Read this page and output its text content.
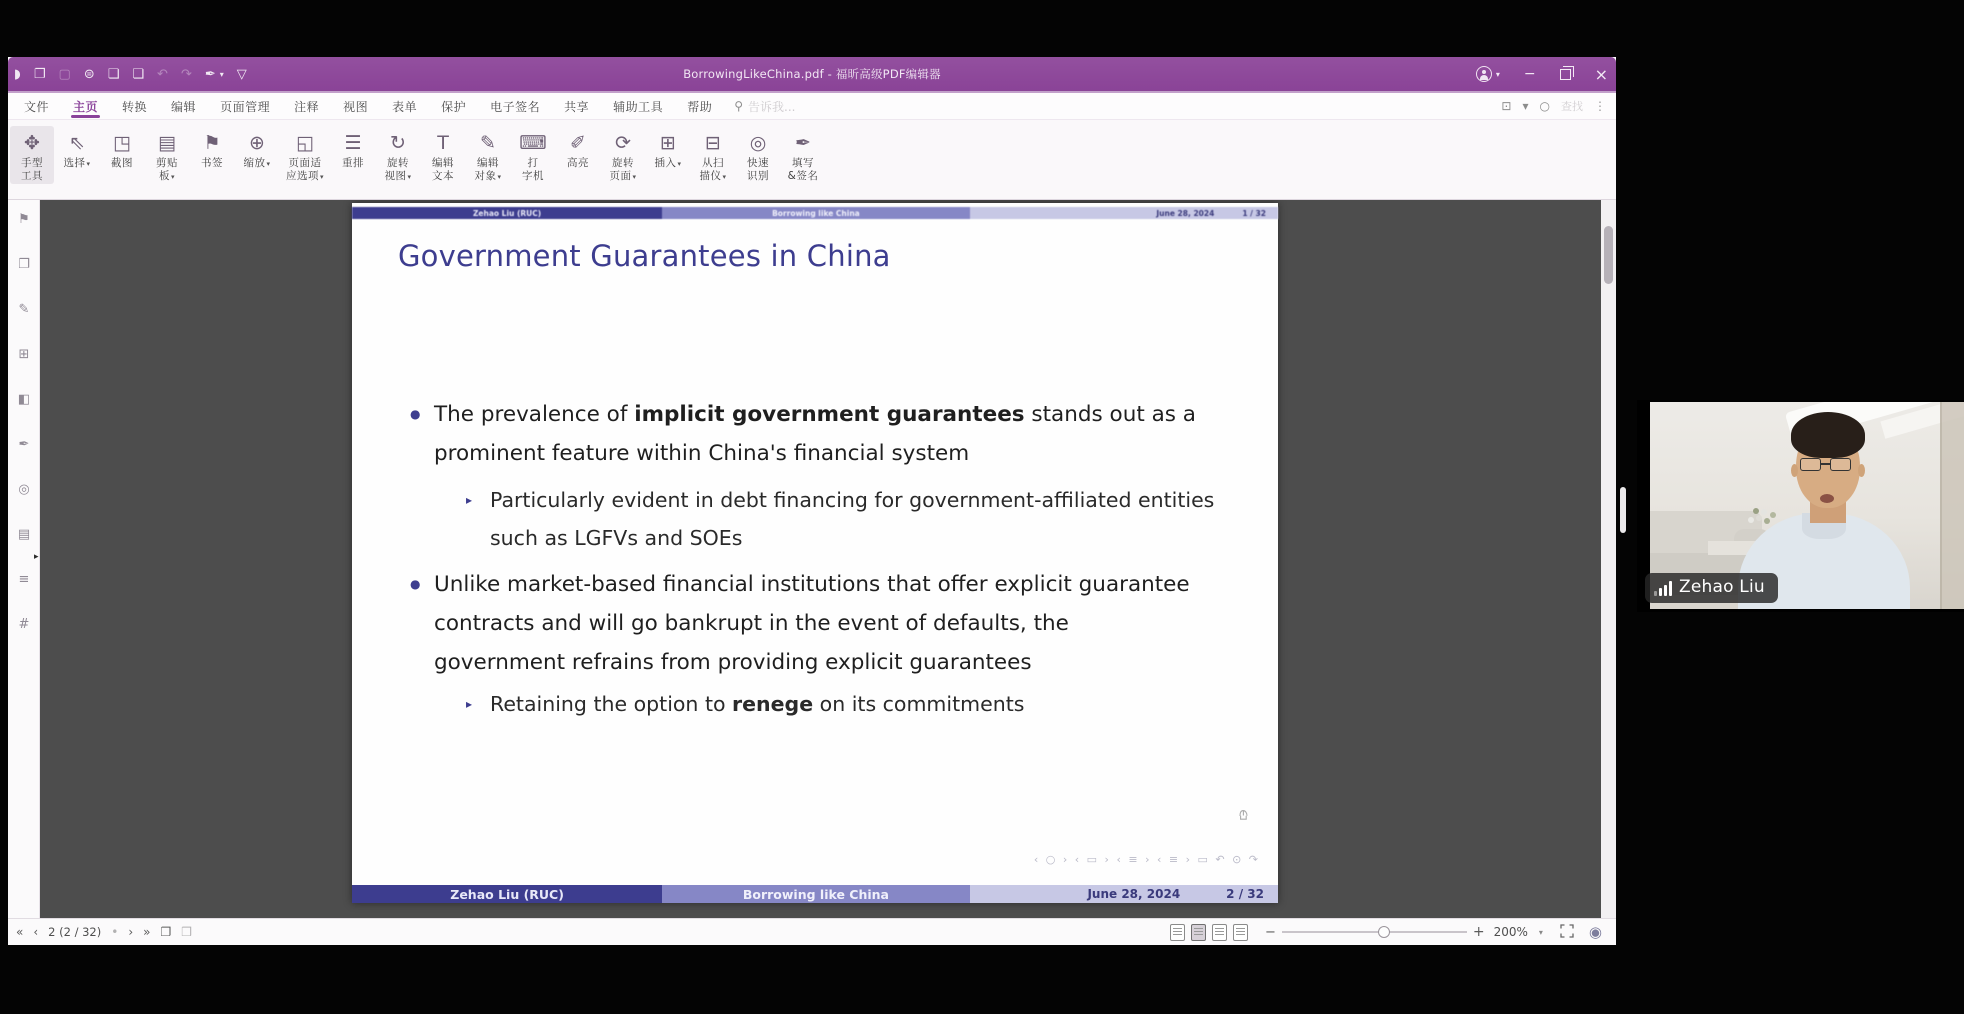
◗ ❐ ▢ ⊜ ❏ ❏ ↶ ↷ ✒ ▾ ▽	BorrowingLikeChina.pdf - 福昕高级PDF编辑器	▾ −	×
文件	主页	转换	编辑	页面管理	注释	视图	表单	保护	电子签名	共享	辅助工具	帮助	⚲ 告诉我...	⊡ ▾ ○ 查找 ⋮
✥
手型
工具
⇖
选择▾
◳
截图
▤
剪贴
板▾
⚑
书签
⊕
缩放▾
◱
页面适
应选项▾
☰
重排
↻
旋转
视图▾
T
编辑
文本
✎
编辑
对象▾
⌨
打
字机
✐
高亮
⟳
旋转
页面▾
⊞
插入▾
⊟
从扫
描仪▾
◎
快速
识别
✒
填写
&签名
▸
⚑
❐
✎
⊞
◧
✒
◎
▤
≡
#
Zehao Liu (RUC)	Borrowing like China	June 28, 2024	1 / 32
Government Guarantees in China
● The prevalence of implicit government guarantees stands out as a
prominent feature within China's financial system
▸ Particularly evident in debt financing for government-affiliated entities
such as LGFVs and SOEs
● Unlike market-based financial institutions that offer explicit guarantee
contracts and will go bankrupt in the event of defaults, the
government refrains from providing explicit guarantees
▸ Retaining the option to renege on its commitments
‹ ○ › ‹ ▭ › ‹ ≡ › ‹ ≡ › ▭ ↶ ⊙ ↷
Zehao Liu (RUC)	Borrowing like China	June 28, 2024	2 / 32
« ‹ 2 (2 / 32) • › » ❐ ❒	−	+ 200% ▾	◉
Zehao Liu
